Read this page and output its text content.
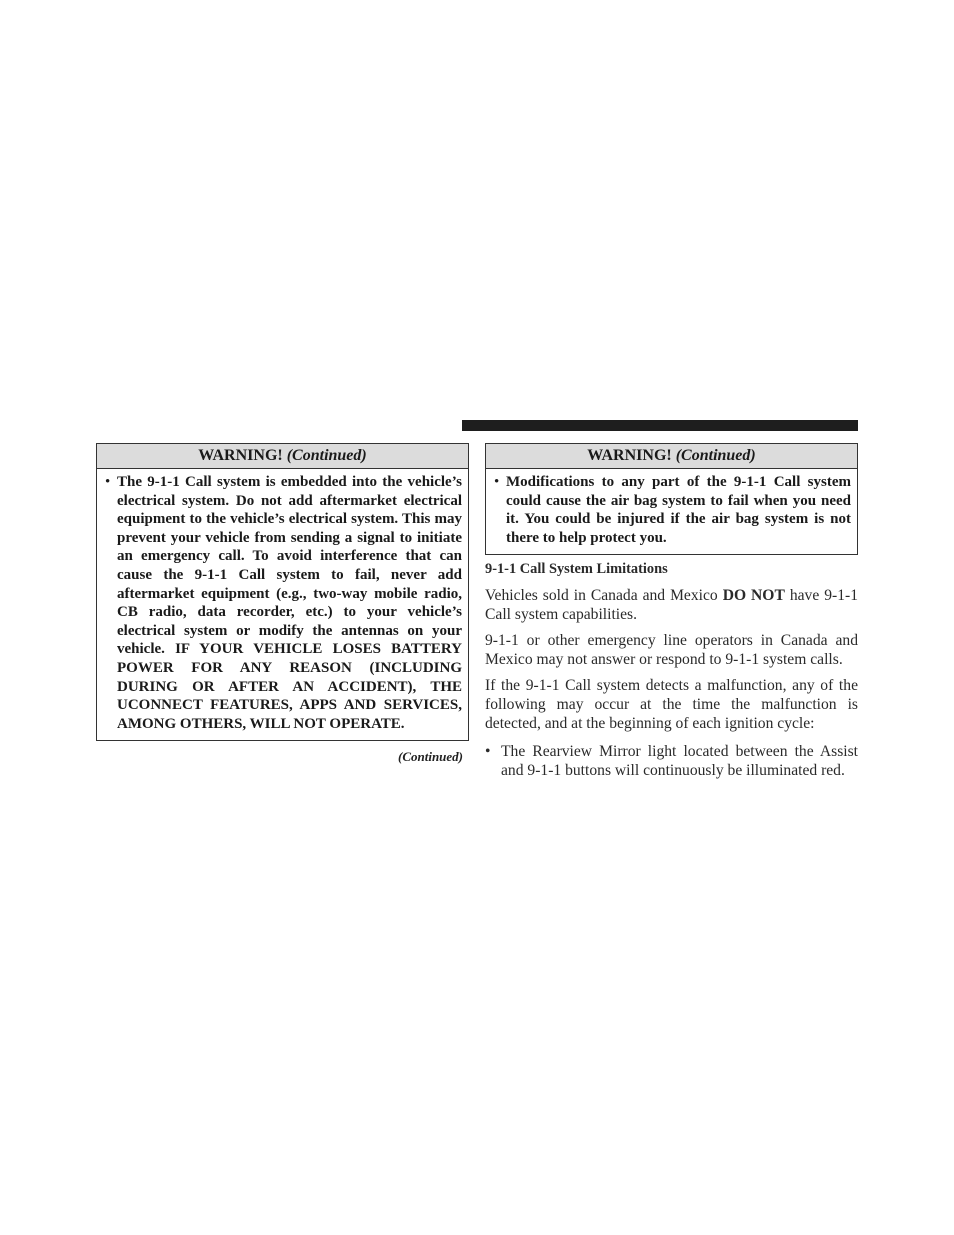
WARNING! (Continued)
• The 9-1-1 Call system is embedded into the vehicle’s electrical system. Do not add aftermarket electrical equipment to the vehicle’s electrical system. This may prevent your vehicle from sending a signal to initiate an emergency call. To avoid interference that can cause the 9-1-1 Call system to fail, never add aftermarket equipment (e.g., two-way mobile radio, CB radio, data recorder, etc.) to your vehicle’s electrical system or modify the antennas on your vehicle. IF YOUR VEHICLE LOSES BATTERY POWER FOR ANY REASON (INCLUDING DURING OR AFTER AN ACCIDENT), THE UCONNECT FEATURES, APPS AND SERVICES, AMONG OTHERS, WILL NOT OPERATE.
(Continued)
WARNING! (Continued)
• Modifications to any part of the 9-1-1 Call system could cause the air bag system to fail when you need it. You could be injured if the air bag system is not there to help protect you.
9-1-1 Call System Limitations
Vehicles sold in Canada and Mexico DO NOT have 9-1-1 Call system capabilities.
9-1-1 or other emergency line operators in Canada and Mexico may not answer or respond to 9-1-1 system calls.
If the 9-1-1 Call system detects a malfunction, any of the following may occur at the time the malfunction is detected, and at the beginning of each ignition cycle:
• The Rearview Mirror light located between the Assist and 9-1-1 buttons will continuously be illuminated red.
